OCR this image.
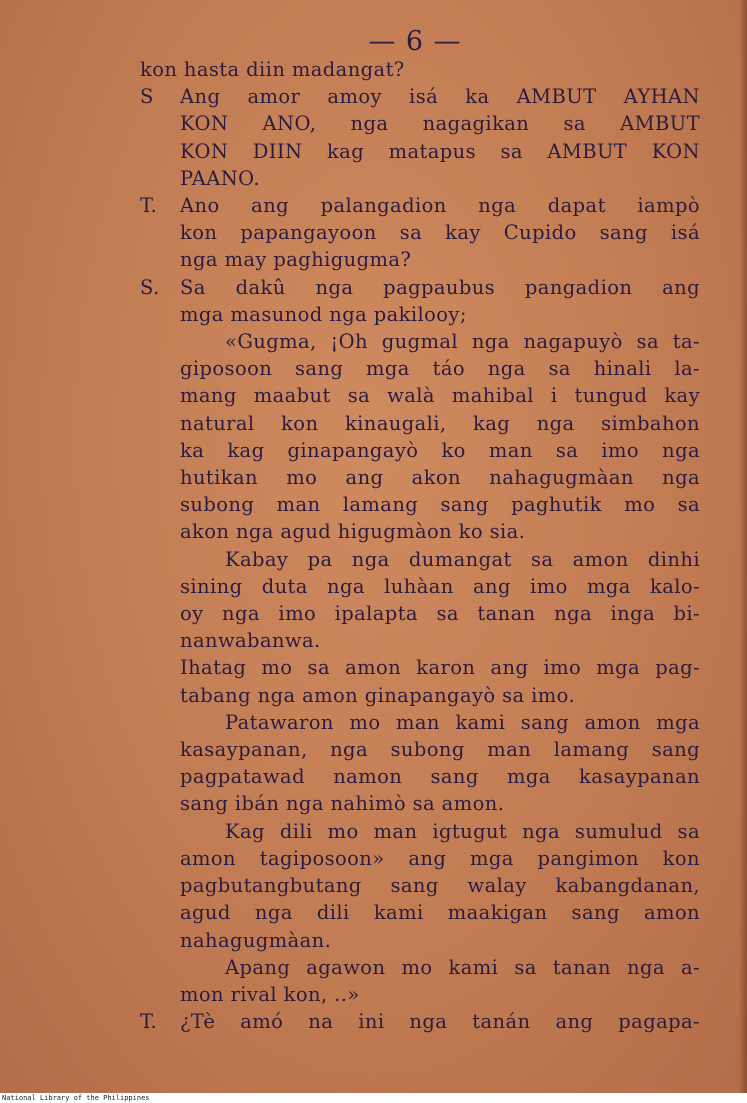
— 6 —

kon hasta diin madangat?

S Ang amor amoy isá ka AMBUT AYHAN
KON ANO, nga nagagikan sa AMBUT
KON DIIN kag matapus sa AMBUT KON
PAANO.

T. Ano ang palangadion nga dapat iampò
kon papangayoon sa kay Cupido sang isá
nga may paghigugma?

S. Sa dakû nga pagpaubus pangadion ang
mga masunod nga pakilooy;

«Gugma, ¡Oh gugmal nga nagapuyò sa ta-
giposoon sang mga táo nga sa hinali la-
mang maabut sa walà mahibal i tungud kay
natural kon kinaugali, kag nga simbahon
ka kag ginapangayò ko man sa imo nga
hutikan mo ang akon nahagugmàan nga
subong man lamang sang paghutik mo sa
akon nga agud higugmàon ko sia.

Kabay pa nga dumangat sa amon dinhi
sining duta nga luhàan ang imo mga kalo-
oy nga imo ipalapta sa tanan nga inga bi-
nanwabanwa.

Ihatag mo sa amon karon ang imo mga pag-
tabang nga amon ginapangayò sa imo.

Patawaron mo man kami sang amon mga
kasaypanan, nga subong man lamang sang
pagpatawad namon sang mga kasaypanan
sang ibán nga nahimò sa amon.

Kag dili mo man igtugut nga sumulud sa
amon tagiposoon» ang mga pangimon kon
pagbutangbutang sang walay kabangdanan,
agud nga dili kami maakigan sang amon
nahagugmàan.

Apang agawon mo kami sa tanan nga a-
mon rival kon, ..»

T. ¿Tè amó na ini nga tanán ang pagapa-

National Library of the Philippines
